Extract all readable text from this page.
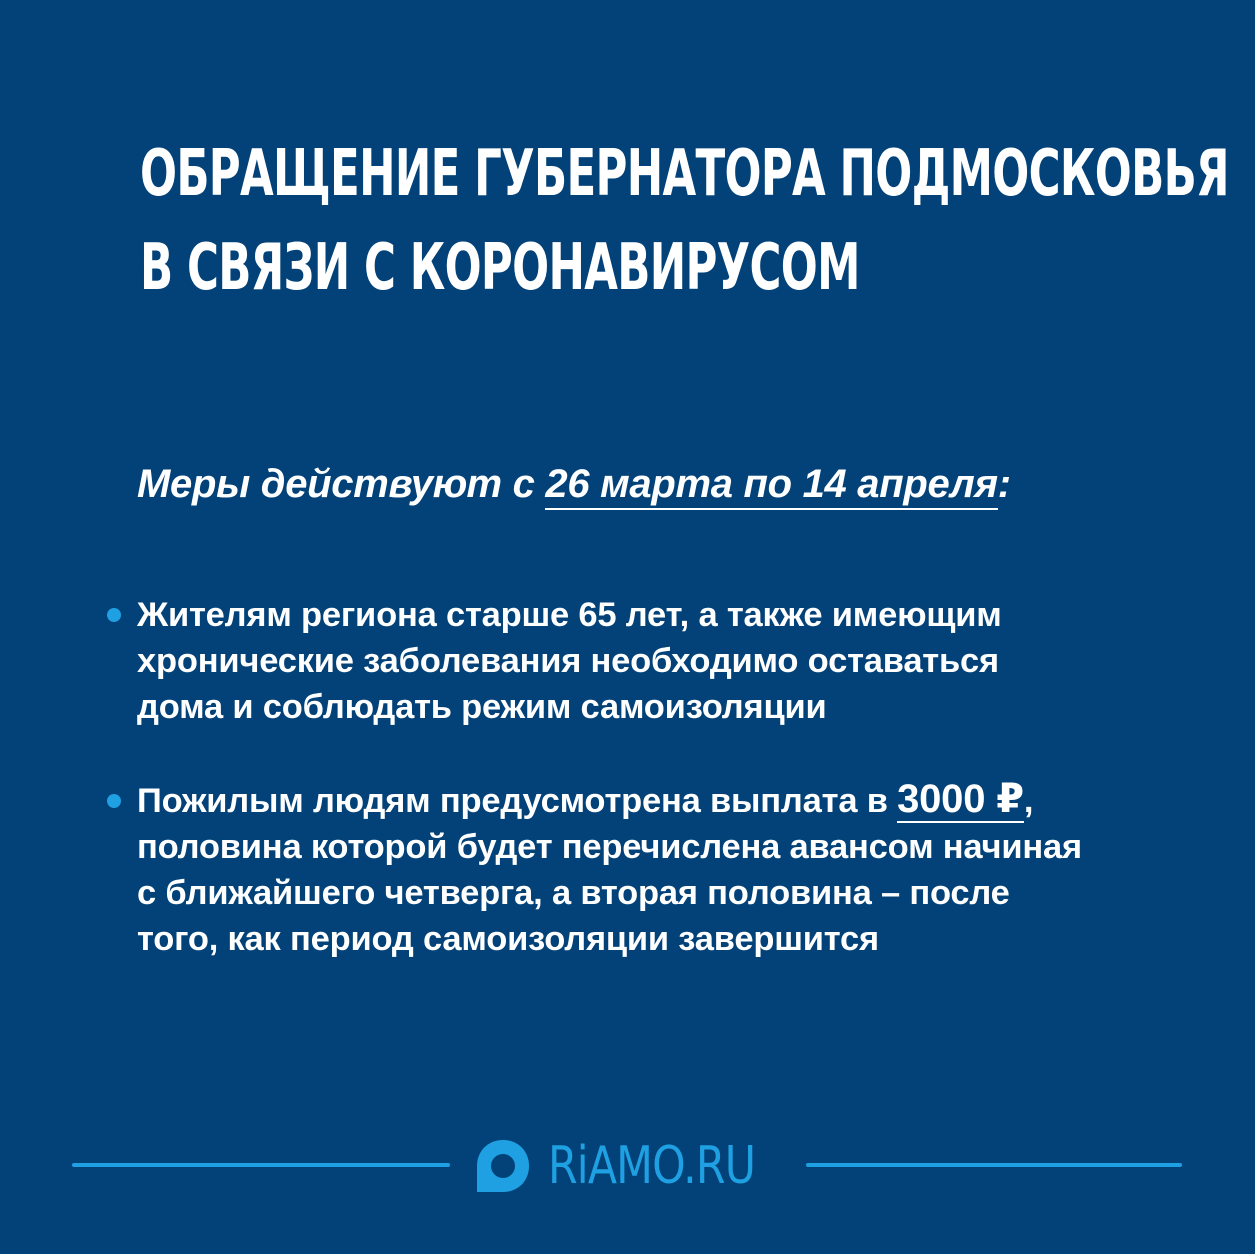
ОБРАЩЕНИЕ ГУБЕРНАТОРА ПОДМОСКОВЬЯ
В СВЯЗИ С КОРОНАВИРУСОМ
Меры действуют с 26 марта по 14 апреля:
Жителям региона старше 65 лет, а также имеющим
хронические заболевания необходимо оставаться
дома и соблюдать режим самоизоляции
Пожилым людям предусмотрена выплата в 3000 ₽,
половина которой будет перечислена авансом начиная
с ближайшего четверга, а вторая половина – после
того, как период самоизоляции завершится
RiAMO.RU
